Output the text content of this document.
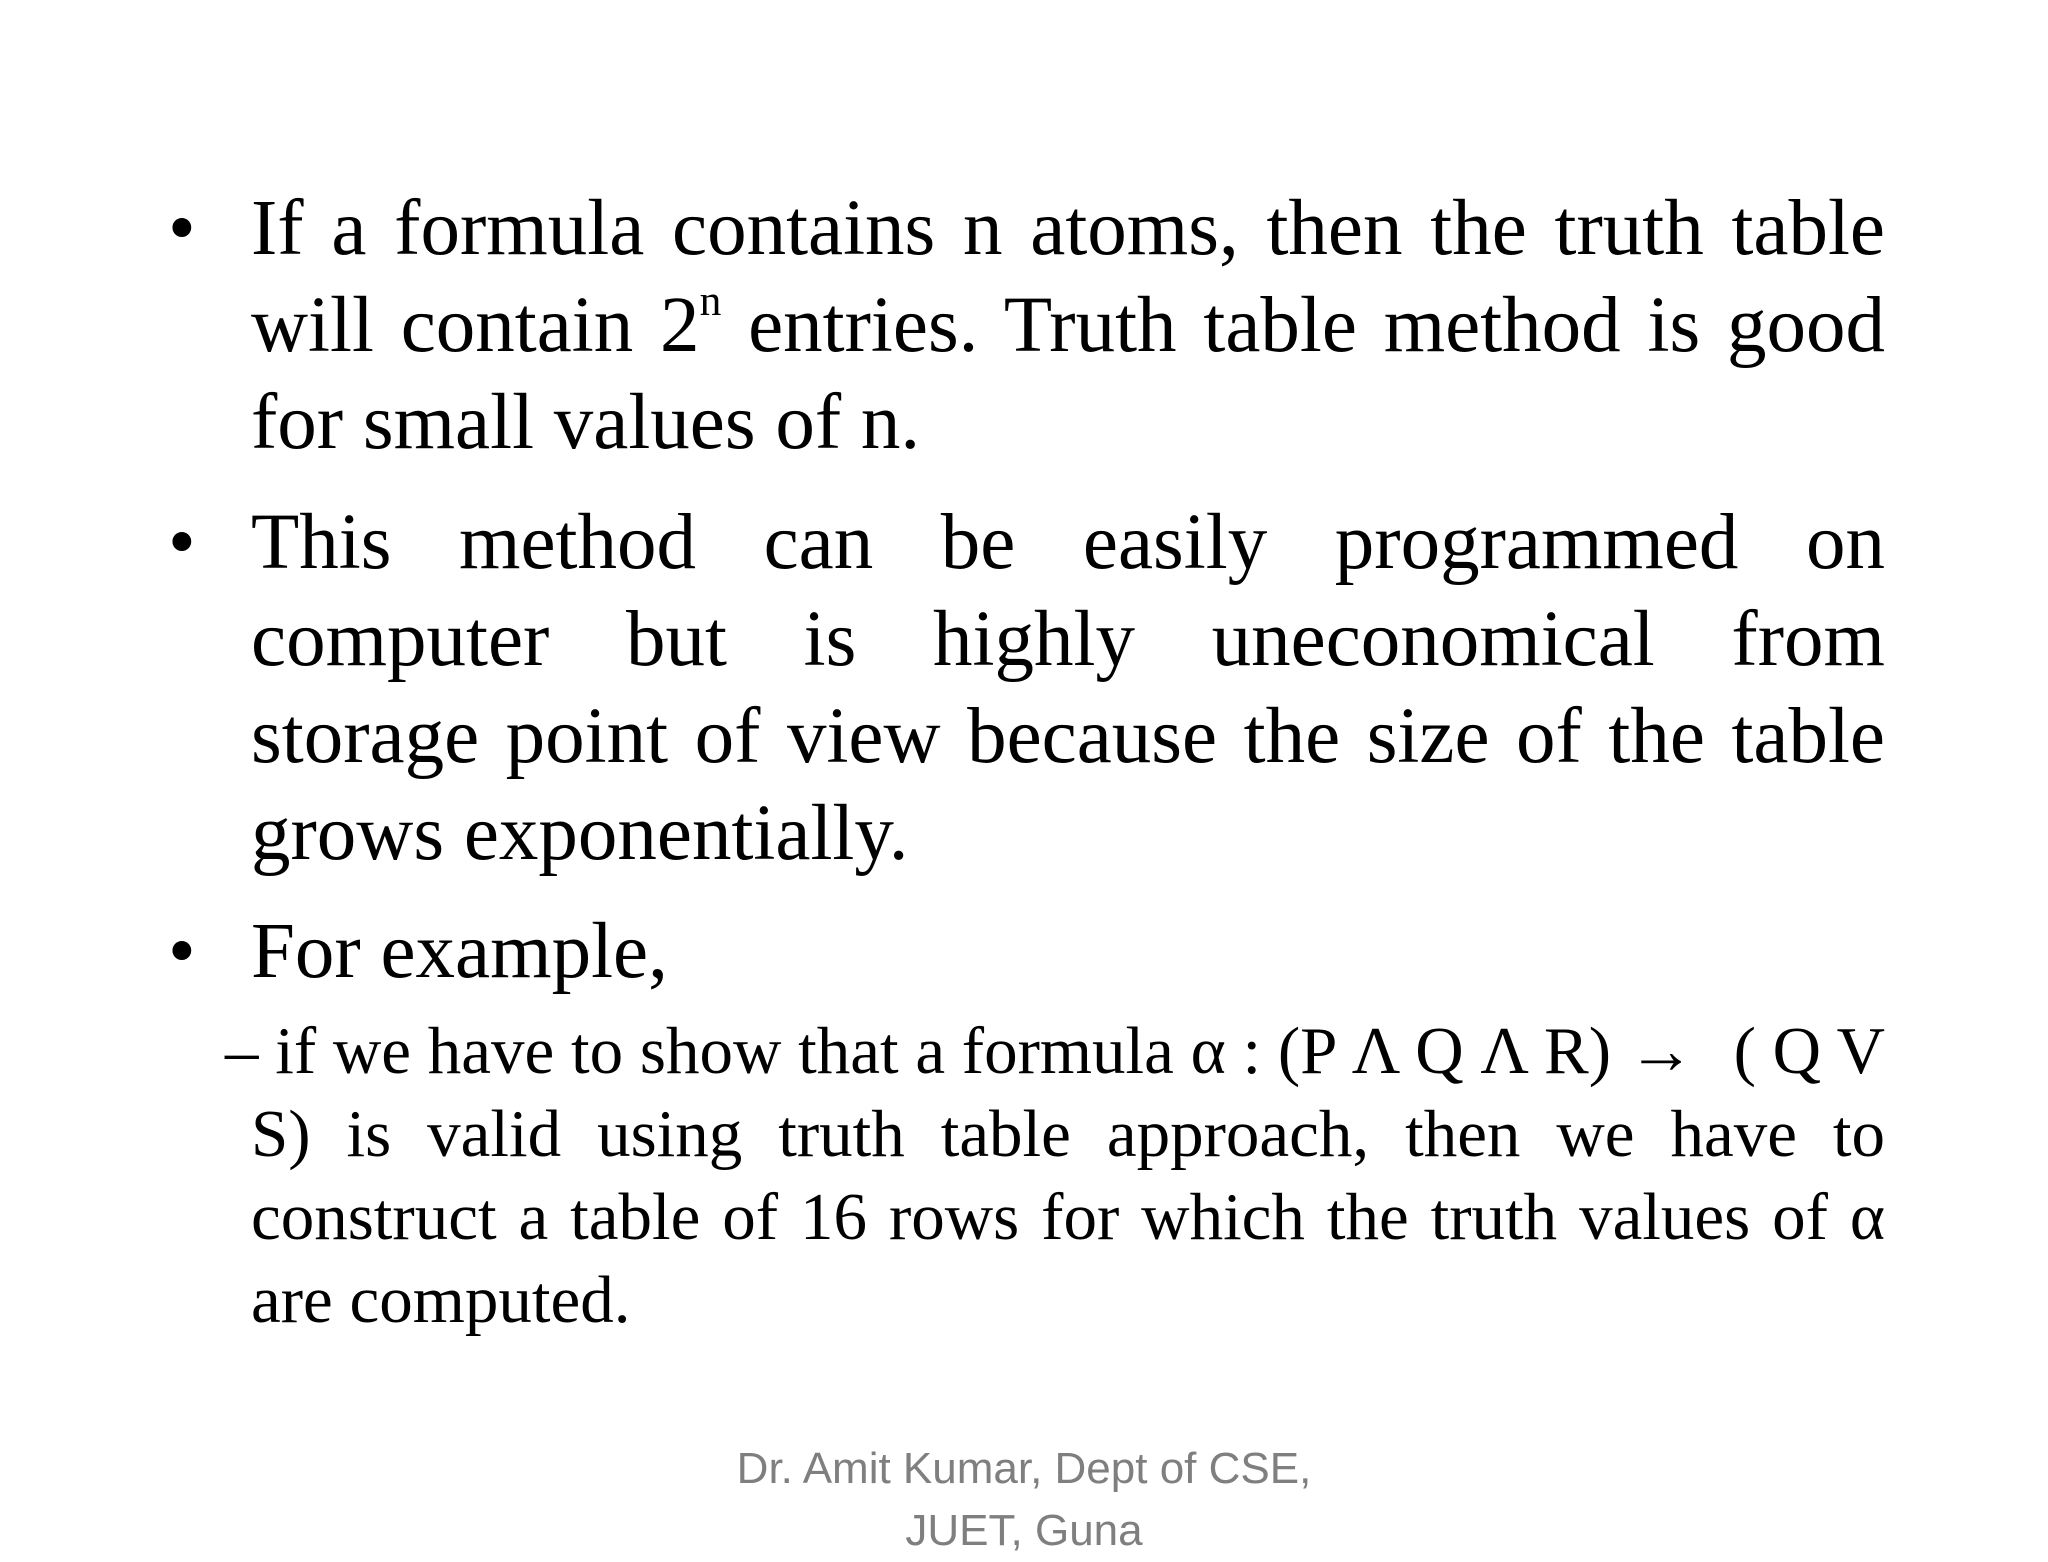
• If a formula contains n atoms, then the truth table
will contain 2$^n$ entries. Truth table method is good
for small values of n.
• This method can be easily programmed on
computer but is highly uneconomical from
storage point of view because the size of the table
grows exponentially.
• For example,
– if we have to show that a formula α : (P Λ Q Λ R) → ( Q V
S) is valid using truth table approach, then we have to
construct a table of 16 rows for which the truth values of α
are computed.
Dr. Amit Kumar, Dept of CSE,
JUET, Guna
